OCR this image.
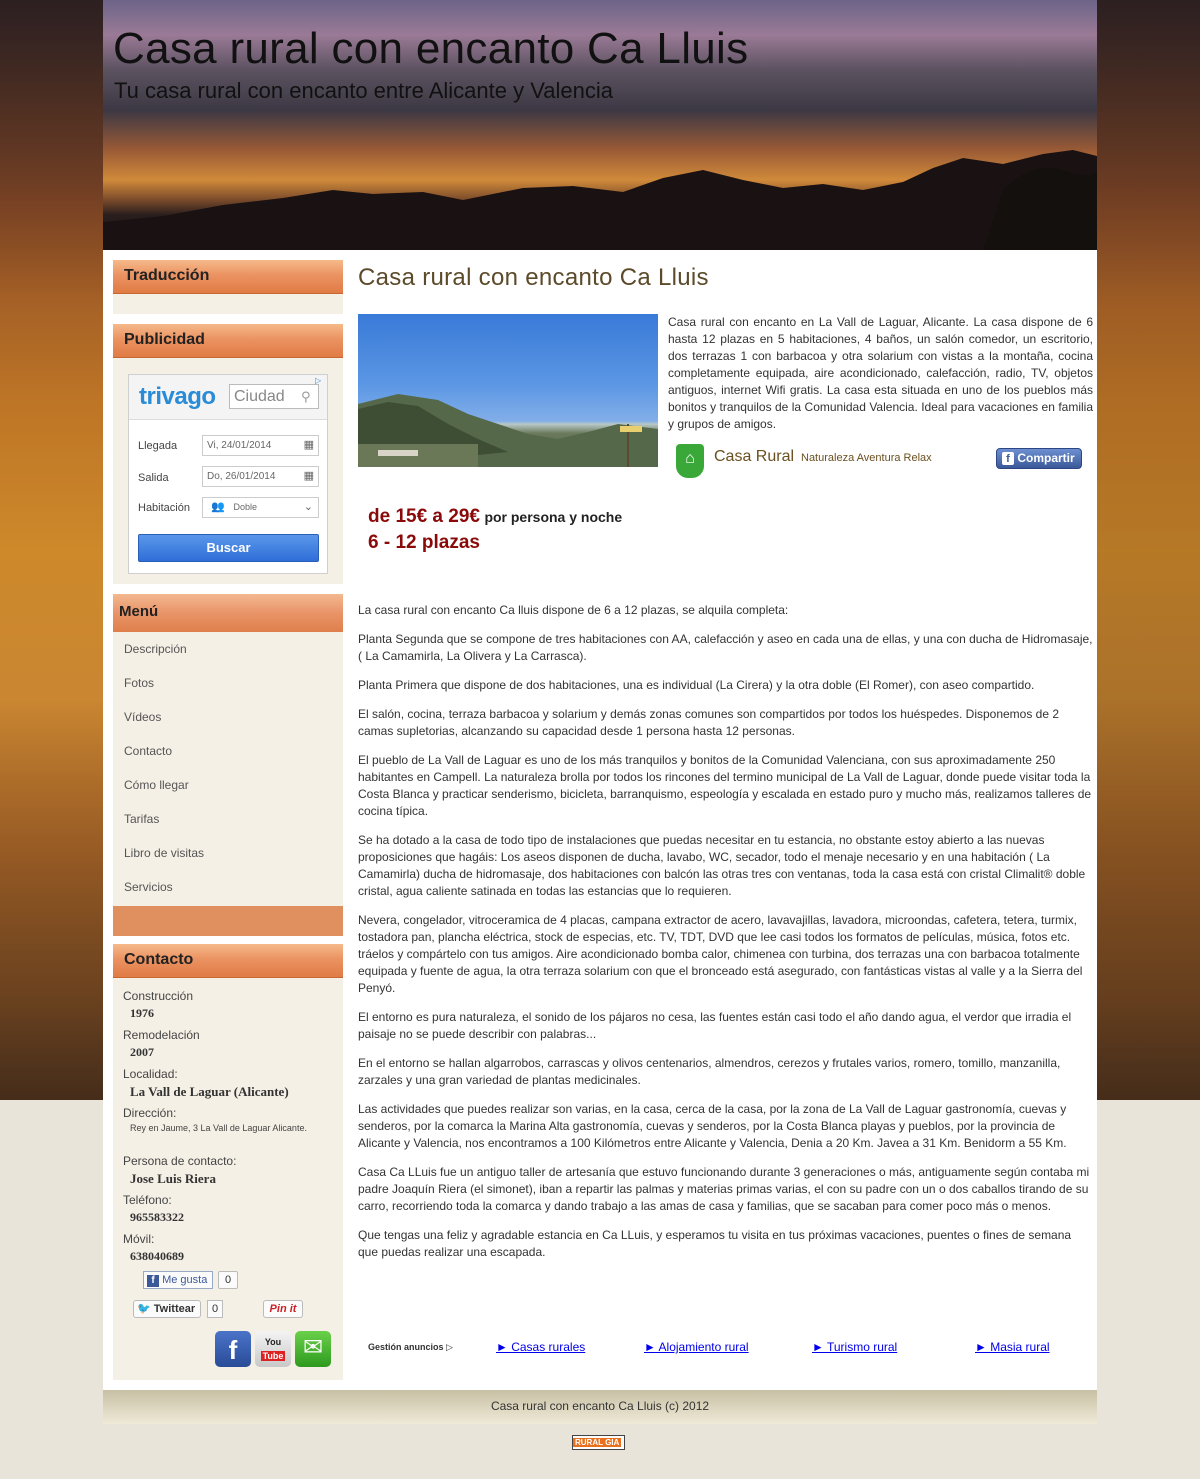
Casa rural con encanto Ca Lluis
Tu casa rural con encanto entre Alicante y Valencia
Traducción
Publicidad
trivago	Ciudad	⚲
▷
Llegada	Vi, 24/01/2014	▦
Salida	Do, 26/01/2014	▦
Habitación	👥 Doble	⌄
Buscar
Menú
Descripción
Fotos
Vídeos
Contacto
Cómo llegar
Tarifas
Libro de visitas
Servicios
Contacto
Construcción
1976
Remodelación
2007
Localidad:
La Vall de Laguar (Alicante)
Dirección:
Rey en Jaume, 3 La Vall de Laguar Alicante.
Persona de contacto:
Jose Luis Riera
Teléfono:
965583322
Móvil:
638040689
f Me gusta	0
🐦 Twittear	0	Pin it
f	You
Tube ✉
Casa rural con encanto Ca Lluis
Casa rural con encanto en La Vall de Laguar, Alicante. La casa dispone de 6 hasta 12 plazas en 5 habitaciones, 4 baños, un salón comedor, un escritorio, dos terrazas 1 con barbacoa y otra solarium con vistas a la montaña, cocina completamente equipada, aire acondicionado, calefacción, radio, TV, objetos antiguos, internet Wifi gratis. La casa esta situada en uno de los pueblos más bonitos y tranquilos de la Comunidad Valencia. Ideal para vacaciones en familia y grupos de amigos.
⌂	Casa Rural Naturaleza Aventura Relax	f Compartir
de 15€ a 29€ por persona y noche
6 - 12 plazas

La casa rural con encanto Ca lluis dispone de 6 a 12 plazas, se alquila completa:

Planta Segunda que se compone de tres habitaciones con AA, calefacción y aseo en cada una de ellas, y una con ducha de Hidromasaje, ( La Camamirla, La Olivera y La Carrasca).

Planta Primera que dispone de dos habitaciones, una es individual (La Cirera) y la otra doble (El Romer), con aseo compartido.

El salón, cocina, terraza barbacoa y solarium y demás zonas comunes son compartidos por todos los huéspedes. Disponemos de 2 camas supletorias, alcanzando su capacidad desde 1 persona hasta 12 personas.

El pueblo de La Vall de Laguar es uno de los más tranquilos y bonitos de la Comunidad Valenciana, con sus aproximadamente 250 habitantes en Campell. La naturaleza brolla por todos los rincones del termino municipal de La Vall de Laguar, donde puede visitar toda la Costa Blanca y practicar senderismo, bicicleta, barranquismo, espeología y escalada en estado puro y mucho más, realizamos talleres de cocina típica.

Se ha dotado a la casa de todo tipo de instalaciones que puedas necesitar en tu estancia, no obstante estoy abierto a las nuevas proposiciones que hagáis: Los aseos disponen de ducha, lavabo, WC, secador, todo el menaje necesario y en una habitación ( La Camamirla) ducha de hidromasaje, dos habitaciones con balcón las otras tres con ventanas, toda la casa está con cristal Climalit® doble cristal, agua caliente satinada en todas las estancias que lo requieren.

Nevera, congelador, vitroceramica de 4 placas, campana extractor de acero, lavavajillas, lavadora, microondas, cafetera, tetera, turmix, tostadora pan, plancha eléctrica, stock de especias, etc. TV, TDT, DVD que lee casi todos los formatos de películas, música, fotos etc. tráelos y compártelo con tus amigos. Aire acondicionado bomba calor, chimenea con turbina, dos terrazas una con barbacoa totalmente equipada y fuente de agua, la otra terraza solarium con que el bronceado está asegurado, con fantásticas vistas al valle y a la Sierra del Penyó.

El entorno es pura naturaleza, el sonido de los pájaros no cesa, las fuentes están casi todo el año dando agua, el verdor que irradia el paisaje no se puede describir con palabras...

En el entorno se hallan algarrobos, carrascas y olivos centenarios, almendros, cerezos y frutales varios, romero, tomillo, manzanilla, zarzales y una gran variedad de plantas medicinales.

Las actividades que puedes realizar son varias, en la casa, cerca de la casa, por la zona de La Vall de Laguar gastronomía, cuevas y senderos, por la comarca la Marina Alta gastronomía, cuevas y senderos, por la Costa Blanca playas y pueblos, por la provincia de Alicante y Valencia, nos encontramos a 100 Kilómetros entre Alicante y Valencia, Denia a 20 Km. Javea a 31 Km. Benidorm a 55 Km.

Casa Ca LLuis fue un antiguo taller de artesanía que estuvo funcionando durante 3 generaciones o más, antiguamente según contaba mi padre Joaquín Riera (el simonet), iban a repartir las palmas y materias primas varias, el con su padre con un o dos caballos tirando de su carro, recorriendo toda la comarca y dando trabajo a las amas de casa y familias, que se sacaban para comer poco más o menos.

Que tengas una feliz y agradable estancia en Ca LLuis, y esperamos tu visita en tus próximas vacaciones, puentes o fines de semana que puedas realizar una escapada.

Gestión anuncios ▷	► Casas rurales	► Alojamiento rural	► Turismo rural	► Masia rural
Casa rural con encanto Ca Lluis (c) 2012
RURAL GIA
